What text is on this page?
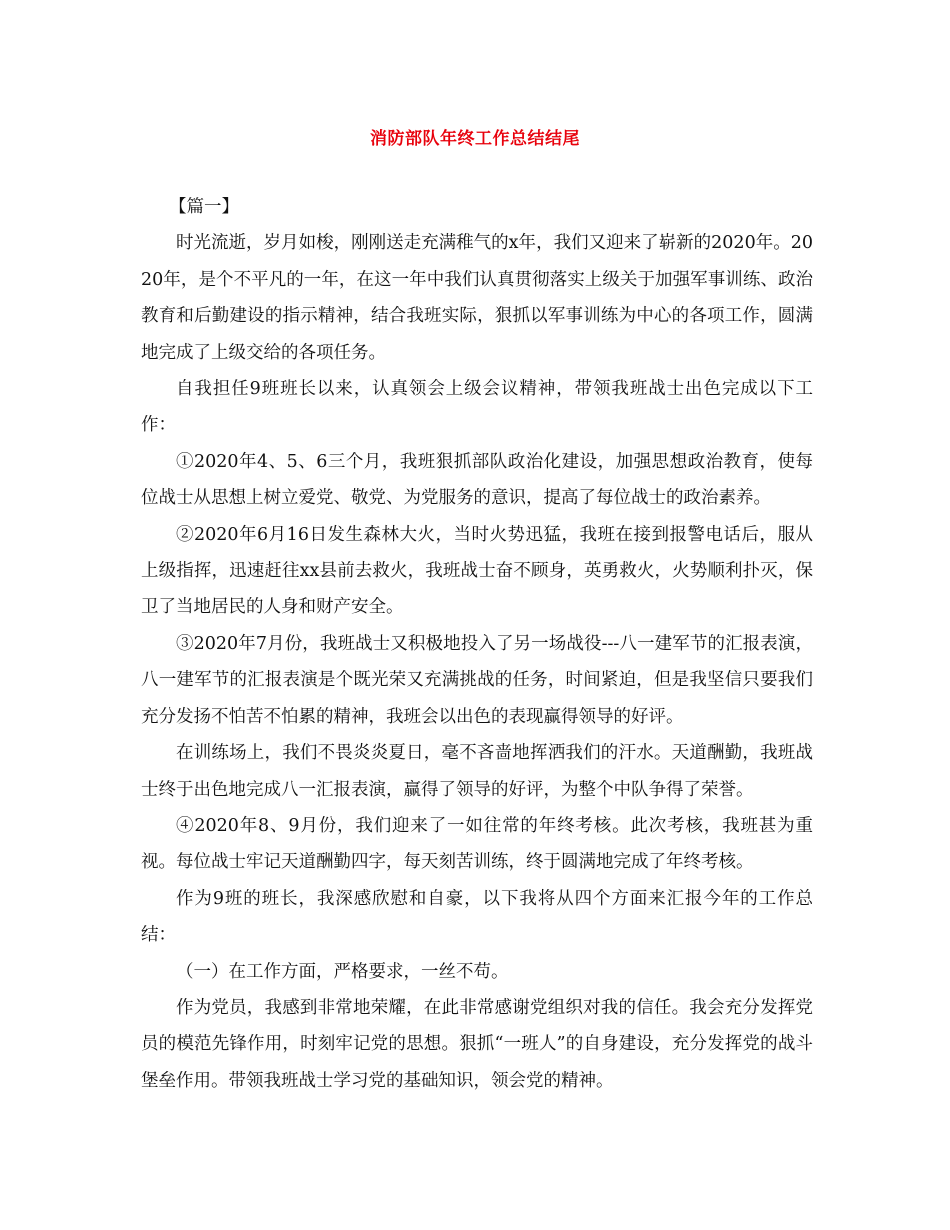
消防部队年终工作总结结尾

【篇一】

时光流逝，岁月如梭，刚刚送走充满稚气的x年，我们又迎来了崭新的2020年。2020年，是个不平凡的一年，在这一年中我们认真贯彻落实上级关于加强军事训练、政治教育和后勤建设的指示精神，结合我班实际，狠抓以军事训练为中心的各项工作，圆满地完成了上级交给的各项任务。

自我担任9班班长以来，认真领会上级会议精神，带领我班战士出色完成以下工作：

①2020年4、5、6三个月，我班狠抓部队政治化建设，加强思想政治教育，使每位战士从思想上树立爱党、敬党、为党服务的意识，提高了每位战士的政治素养。

②2020年6月16日发生森林大火，当时火势迅猛，我班在接到报警电话后，服从上级指挥，迅速赶往xx县前去救火，我班战士奋不顾身，英勇救火，火势顺利扑灭，保卫了当地居民的人身和财产安全。

③2020年7月份，我班战士又积极地投入了另一场战役---八一建军节的汇报表演，八一建军节的汇报表演是个既光荣又充满挑战的任务，时间紧迫，但是我坚信只要我们充分发扬不怕苦不怕累的精神，我班会以出色的表现赢得领导的好评。

在训练场上，我们不畏炎炎夏日，毫不吝啬地挥洒我们的汗水。天道酬勤，我班战士终于出色地完成八一汇报表演，赢得了领导的好评，为整个中队争得了荣誉。

④2020年8、9月份，我们迎来了一如往常的年终考核。此次考核，我班甚为重视。每位战士牢记天道酬勤四字，每天刻苦训练，终于圆满地完成了年终考核。

作为9班的班长，我深感欣慰和自豪，以下我将从四个方面来汇报今年的工作总结：

（一）在工作方面，严格要求，一丝不苟。

作为党员，我感到非常地荣耀，在此非常感谢党组织对我的信任。我会充分发挥党员的模范先锋作用，时刻牢记党的思想。狠抓“一班人”的自身建设，充分发挥党的战斗堡垒作用。带领我班战士学习党的基础知识，领会党的精神。
